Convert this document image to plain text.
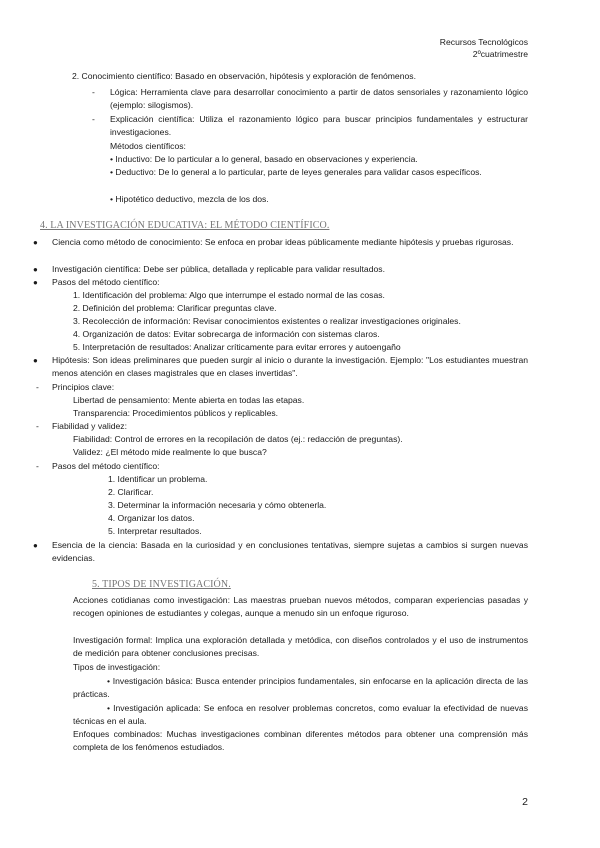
Recursos Tecnológicos
2ºcuatrimestre
2. Conocimiento científico: Basado en observación, hipótesis y exploración de fenómenos.
-	Lógica: Herramienta clave para desarrollar conocimiento a partir de datos sensoriales y razonamiento lógico (ejemplo: silogismos).
-	Explicación científica: Utiliza el razonamiento lógico para buscar principios fundamentales y estructurar investigaciones.
Métodos científicos:
• Inductivo: De lo particular a lo general, basado en observaciones y experiencia.
• Deductivo: De lo general a lo particular, parte de leyes generales para validar casos específicos.
• Hipotético deductivo, mezcla de los dos.
4. LA INVESTIGACIÓN EDUCATIVA: EL MÉTODO CIENTÍFICO.
● Ciencia como método de conocimiento: Se enfoca en probar ideas públicamente mediante hipótesis y pruebas rigurosas.
● Investigación científica: Debe ser pública, detallada y replicable para validar resultados.
● Pasos del método científico:
1. Identificación del problema: Algo que interrumpe el estado normal de las cosas.
2. Definición del problema: Clarificar preguntas clave.
3. Recolección de información: Revisar conocimientos existentes o realizar investigaciones originales.
4. Organización de datos: Evitar sobrecarga de información con sistemas claros.
5. Interpretación de resultados: Analizar críticamente para evitar errores y autoengaño
● Hipótesis: Son ideas preliminares que pueden surgir al inicio o durante la investigación. Ejemplo: "Los estudiantes muestran menos atención en clases magistrales que en clases invertidas".
- Principios clave:
Libertad de pensamiento: Mente abierta en todas las etapas.
Transparencia: Procedimientos públicos y replicables.
- Fiabilidad y validez:
Fiabilidad: Control de errores en la recopilación de datos (ej.: redacción de preguntas).
Validez: ¿El método mide realmente lo que busca?
- Pasos del método científico:
1. Identificar un problema.
2. Clarificar.
3. Determinar la información necesaria y cómo obtenerla.
4. Organizar los datos.
5. Interpretar resultados.
● Esencia de la ciencia: Basada en la curiosidad y en conclusiones tentativas, siempre sujetas a cambios si surgen nuevas evidencias.
5. TIPOS DE INVESTIGACIÓN.
Acciones cotidianas como investigación: Las maestras prueban nuevos métodos, comparan experiencias pasadas y recogen opiniones de estudiantes y colegas, aunque a menudo sin un enfoque riguroso.
Investigación formal: Implica una exploración detallada y metódica, con diseños controlados y el uso de instrumentos de medición para obtener conclusiones precisas.
Tipos de investigación:
• Investigación básica: Busca entender principios fundamentales, sin enfocarse en la aplicación directa de las prácticas.
• Investigación aplicada: Se enfoca en resolver problemas concretos, como evaluar la efectividad de nuevas técnicas en el aula.
Enfoques combinados: Muchas investigaciones combinan diferentes métodos para obtener una comprensión más completa de los fenómenos estudiados.
2
